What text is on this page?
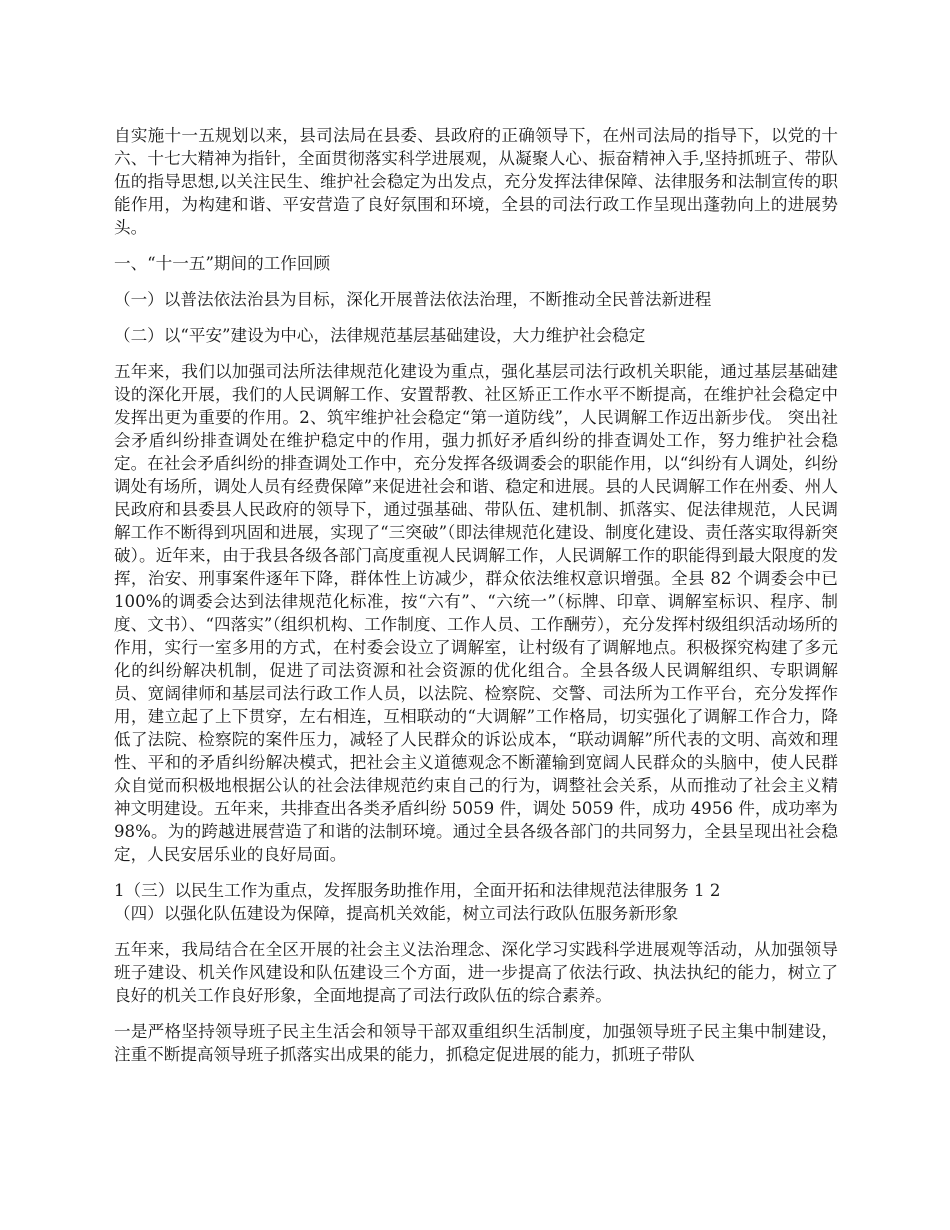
自实施十一五规划以来，县司法局在县委、县政府的正确领导下，在州司法局的指导下，以党的十六、十七大精神为指针，全面贯彻落实科学进展观，从凝聚人心、振奋精神入手,坚持抓班子、带队伍的指导思想,以关注民生、维护社会稳定为出发点，充分发挥法律保障、法律服务和法制宣传的职能作用，为构建和谐、平安营造了良好氛围和环境，全县的司法行政工作呈现出蓬勃向上的进展势头。

一、“十一五”期间的工作回顾

（一）以普法依法治县为目标，深化开展普法依法治理，不断推动全民普法新进程

（二）以“平安”建设为中心，法律规范基层基础建设，大力维护社会稳定

五年来，我们以加强司法所法律规范化建设为重点，强化基层司法行政机关职能，通过基层基础建设的深化开展，我们的人民调解工作、安置帮教、社区矫正工作水平不断提高，在维护社会稳定中发挥出更为重要的作用。2、筑牢维护社会稳定“第一道防线”，人民调解工作迈出新步伐。 突出社会矛盾纠纷排查调处在维护稳定中的作用，强力抓好矛盾纠纷的排查调处工作，努力维护社会稳定。在社会矛盾纠纷的排查调处工作中，充分发挥各级调委会的职能作用，以“纠纷有人调处，纠纷调处有场所，调处人员有经费保障”来促进社会和谐、稳定和进展。县的人民调解工作在州委、州人民政府和县委县人民政府的领导下，通过强基础、带队伍、建机制、抓落实、促法律规范，人民调解工作不断得到巩固和进展，实现了“三突破”（即法律规范化建设、制度化建设、责任落实取得新突破）。近年来，由于我县各级各部门高度重视人民调解工作，人民调解工作的职能得到最大限度的发挥，治安、刑事案件逐年下降，群体性上访减少，群众依法维权意识增强。全县 82 个调委会中已 100%的调委会达到法律规范化标准，按“六有”、“六统一”（标牌、印章、调解室标识、程序、制度、文书）、“四落实”（组织机构、工作制度、工作人员、工作酬劳），充分发挥村级组织活动场所的作用，实行一室多用的方式，在村委会设立了调解室，让村级有了调解地点。积极探究构建了多元化的纠纷解决机制，促进了司法资源和社会资源的优化组合。全县各级人民调解组织、专职调解员、宽阔律师和基层司法行政工作人员，以法院、检察院、交警、司法所为工作平台，充分发挥作用，建立起了上下贯穿，左右相连，互相联动的“大调解”工作格局，切实强化了调解工作合力，降低了法院、检察院的案件压力，减轻了人民群众的诉讼成本，“联动调解”所代表的文明、高效和理性、平和的矛盾纠纷解决模式，把社会主义道德观念不断灌输到宽阔人民群众的头脑中，使人民群众自觉而积极地根据公认的社会法律规范约束自己的行为，调整社会关系，从而推动了社会主义精神文明建设。五年来，共排查出各类矛盾纠纷 5059 件，调处 5059 件，成功 4956 件，成功率为 98%。为的跨越进展营造了和谐的法制环境。通过全县各级各部门的共同努力，全县呈现出社会稳定，人民安居乐业的良好局面。

1（三）以民生工作为重点，发挥服务助推作用，全面开拓和法律规范法律服务 1 2

（四）以强化队伍建设为保障，提高机关效能，树立司法行政队伍服务新形象

五年来，我局结合在全区开展的社会主义法治理念、深化学习实践科学进展观等活动，从加强领导班子建设、机关作风建设和队伍建设三个方面，进一步提高了依法行政、执法执纪的能力，树立了良好的机关工作良好形象，全面地提高了司法行政队伍的综合素养。

一是严格坚持领导班子民主生活会和领导干部双重组织生活制度，加强领导班子民主集中制建设，注重不断提高领导班子抓落实出成果的能力，抓稳定促进展的能力，抓班子带队
